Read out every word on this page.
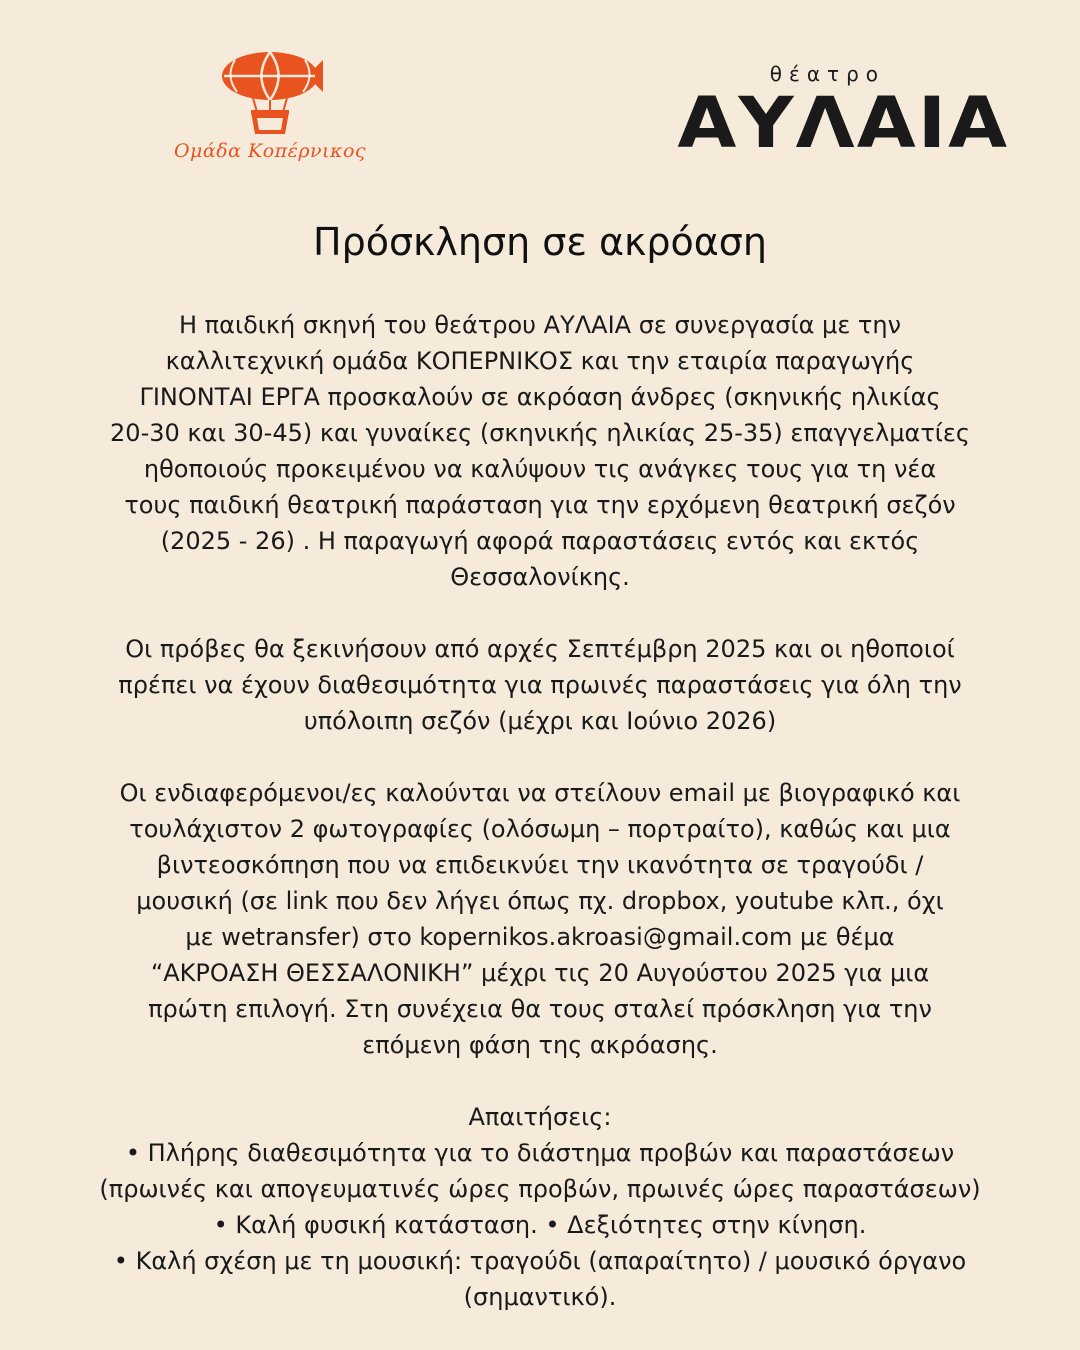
Ομάδα Κοπέρνικος
θέατρο
ΑΥΛΑΙΑ
Πρόσκληση σε ακρόαση
Η παιδική σκηνή του θεάτρου ΑΥΛΑΙΑ σε συνεργασία με την
καλλιτεχνική ομάδα ΚΟΠΕΡΝΙΚΟΣ και την εταιρία παραγωγής
ΓΙΝΟΝΤΑΙ ΕΡΓΑ προσκαλούν σε ακρόαση άνδρες (σκηνικής ηλικίας
20-30 και 30-45) και γυναίκες (σκηνικής ηλικίας 25-35) επαγγελματίες
ηθοποιούς προκειμένου να καλύψουν τις ανάγκες τους για τη νέα
τους παιδική θεατρική παράσταση για την ερχόμενη θεατρική σεζόν
(2025 - 26) . Η παραγωγή αφορά παραστάσεις εντός και εκτός
Θεσσαλονίκης.
Οι πρόβες θα ξεκινήσουν από αρχές Σεπτέμβρη 2025 και οι ηθοποιοί
πρέπει να έχουν διαθεσιμότητα για πρωινές παραστάσεις για όλη την
υπόλοιπη σεζόν (μέχρι και Ιούνιο 2026)
Οι ενδιαφερόμενοι/ες καλούνται να στείλουν email με βιογραφικό και
τουλάχιστον 2 φωτογραφίες (ολόσωμη – πορτραίτο), καθώς και μια
βιντεοσκόπηση που να επιδεικνύει την ικανότητα σε τραγούδι /
μουσική (σε link που δεν λήγει όπως πχ. dropbox, youtube κλπ., όχι
με wetransfer) στο kopernikos.akroasi@gmail.com με θέμα
“ΑΚΡΟΑΣΗ ΘΕΣΣΑΛΟΝΙΚΗ” μέχρι τις 20 Αυγούστου 2025 για μια
πρώτη επιλογή. Στη συνέχεια θα τους σταλεί πρόσκληση για την
επόμενη φάση της ακρόασης.
Απαιτήσεις:
• Πλήρης διαθεσιμότητα για το διάστημα προβών και παραστάσεων
(πρωινές και απογευματινές ώρες προβών, πρωινές ώρες παραστάσεων)
• Καλή φυσική κατάσταση. • Δεξιότητες στην κίνηση.
• Καλή σχέση με τη μουσική: τραγούδι (απαραίτητο) / μουσικό όργανο
(σημαντικό).
